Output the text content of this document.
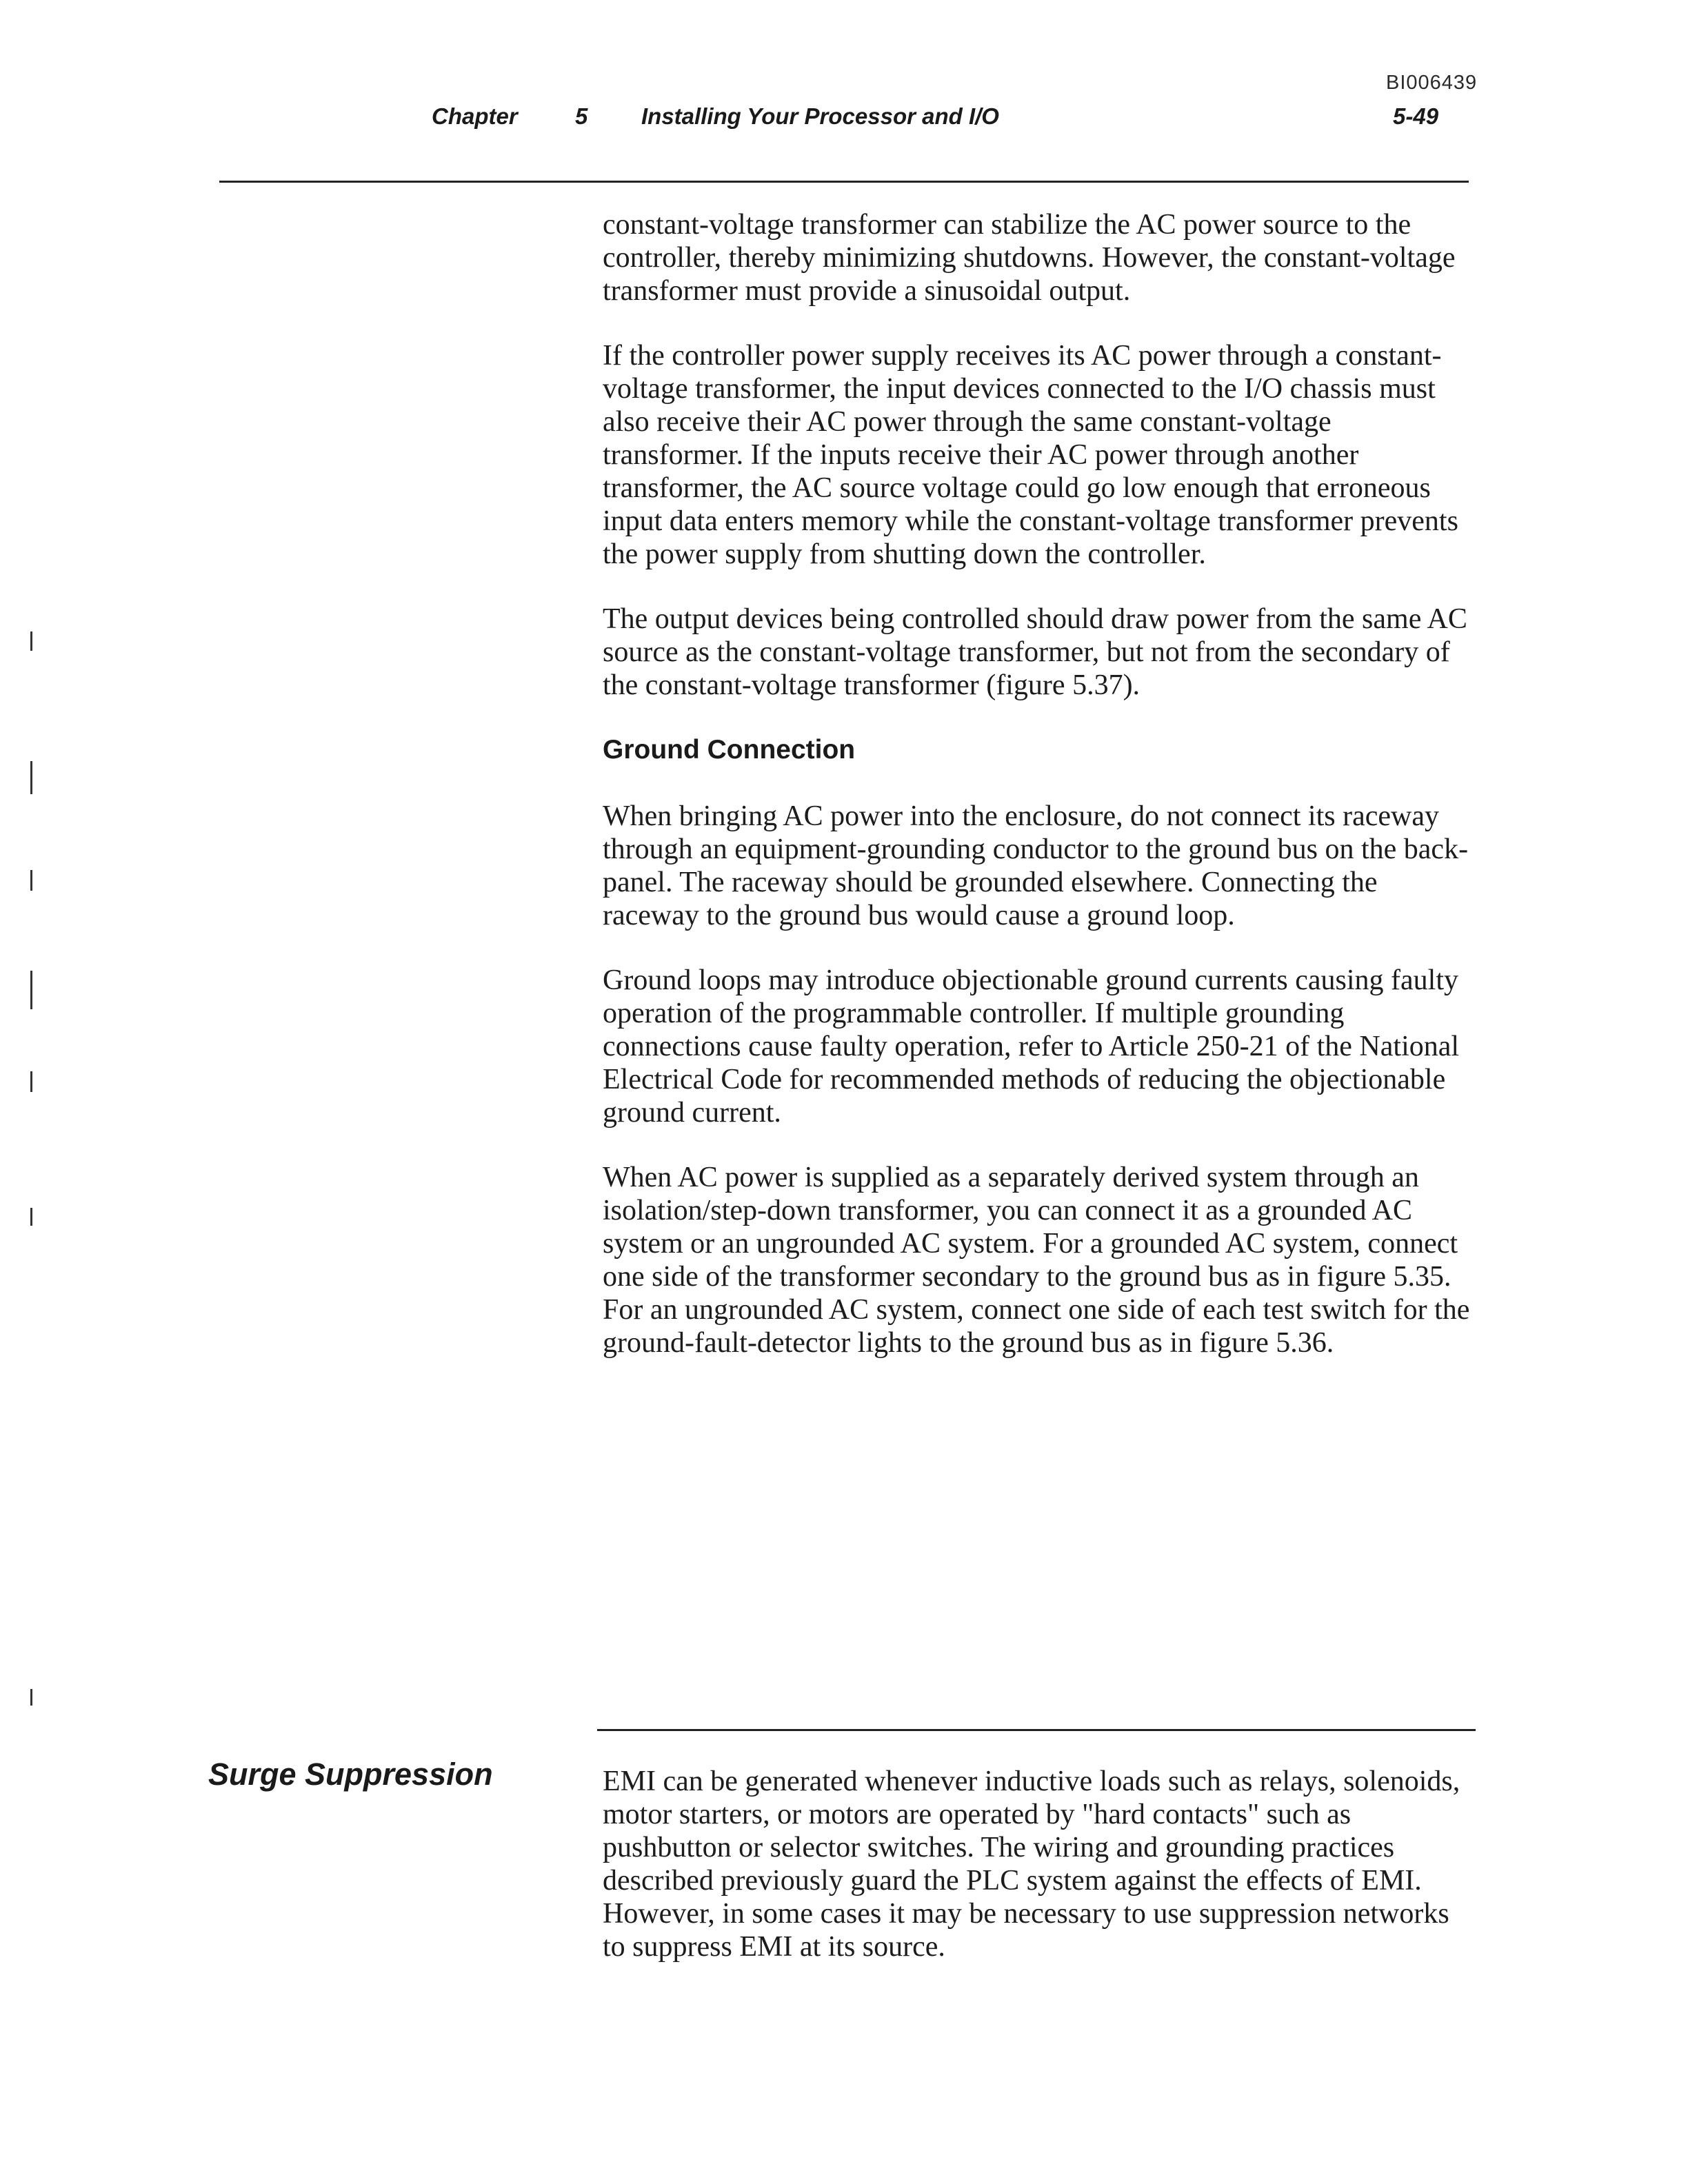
BI006439
Chapter	5 Installing Your Processor and I/O	5-49

constant-voltage transformer can stabilize the AC power source to the controller, thereby minimizing shutdowns. However, the constant-voltage transformer must provide a sinusoidal output.

If the controller power supply receives its AC power through a constant-voltage transformer, the input devices connected to the I/O chassis must also receive their AC power through the same constant-voltage transformer. If the inputs receive their AC power through another transformer, the AC source voltage could go low enough that erroneous input data enters memory while the constant-voltage transformer prevents the power supply from shutting down the controller.

The output devices being controlled should draw power from the same AC source as the constant-voltage transformer, but not from the secondary of the constant-voltage transformer (figure 5.37).

Ground Connection

When bringing AC power into the enclosure, do not connect its raceway through an equipment-grounding conductor to the ground bus on the back-panel. The raceway should be grounded elsewhere. Connecting the raceway to the ground bus would cause a ground loop.

Ground loops may introduce objectionable ground currents causing faulty operation of the programmable controller. If multiple grounding connections cause faulty operation, refer to Article 250-21 of the National Electrical Code for recommended methods of reducing the objectionable ground current.

When AC power is supplied as a separately derived system through an isolation/step-down transformer, you can connect it as a grounded AC system or an ungrounded AC system. For a grounded AC system, connect one side of the transformer secondary to the ground bus as in figure 5.35. For an ungrounded AC system, connect one side of each test switch for the ground-fault-detector lights to the ground bus as in figure 5.36.

Surge Suppression	EMI can be generated whenever inductive loads such as relays, solenoids, motor starters, or motors are operated by "hard contacts" such as pushbutton or selector switches. The wiring and grounding practices described previously guard the PLC system against the effects of EMI. However, in some cases it may be necessary to use suppression networks to suppress EMI at its source.
